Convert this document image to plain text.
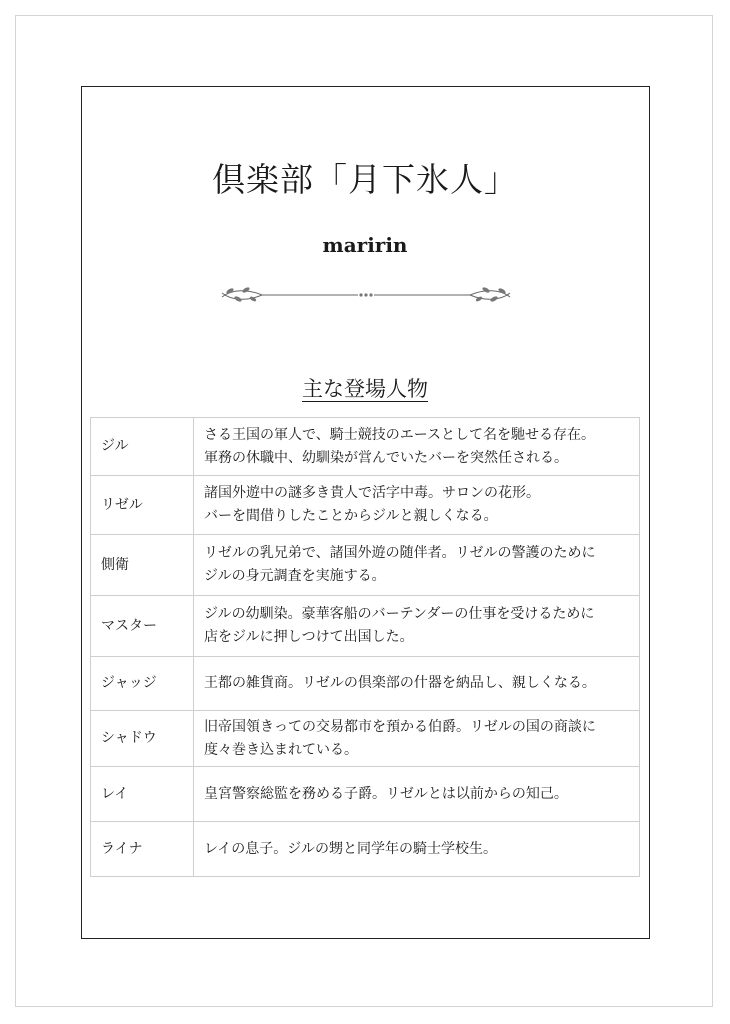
倶楽部「月下氷人」
maririn
主な登場人物
ジル	さる王国の軍人で、騎士競技のエースとして名を馳せる存在。
軍務の休職中、幼馴染が営んでいたバーを突然任される。

リゼル	諸国外遊中の謎多き貴人で活字中毒。サロンの花形。
バーを間借りしたことからジルと親しくなる。

側衛	リゼルの乳兄弟で、諸国外遊の随伴者。リゼルの警護のために
ジルの身元調査を実施する。

マスター	ジルの幼馴染。豪華客船のバーテンダーの仕事を受けるために
店をジルに押しつけて出国した。

ジャッジ	王都の雑貨商。リゼルの倶楽部の什器を納品し、親しくなる。

シャドウ	旧帝国領きっての交易都市を預かる伯爵。リゼルの国の商談に
度々巻き込まれている。

レイ	皇宮警察総監を務める子爵。リゼルとは以前からの知己。

ライナ	レイの息子。ジルの甥と同学年の騎士学校生。
